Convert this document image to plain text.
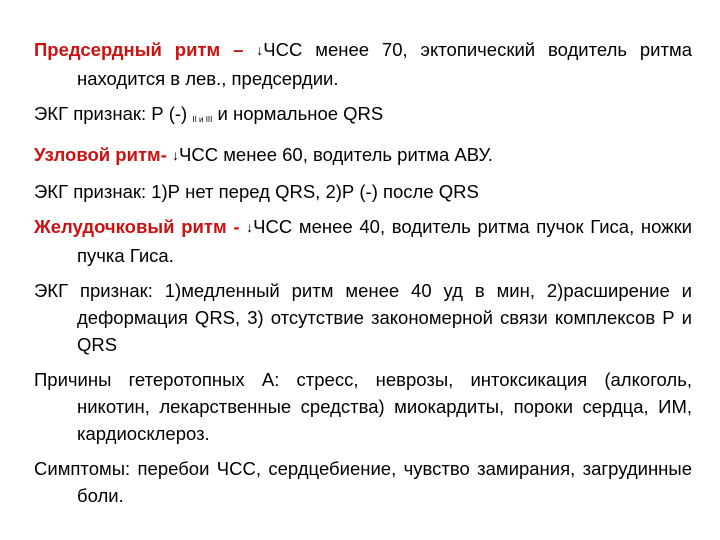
Предсердный ритм – ↓ЧСС менее 70, эктопический водитель ритма находится в лев., предсердии.

ЭКГ признак: Р (-) $_{II и III}$ и нормальное QRS

Узловой ритм- ↓ЧСС менее 60, водитель ритма АВУ.

ЭКГ признак: 1)Р нет перед QRS, 2)Р (-) после QRS

Желудочковый ритм - ↓ЧСС менее 40, водитель ритма пучок Гиса, ножки пучка Гиса.

ЭКГ признак: 1)медленный ритм менее 40 уд в мин, 2)расширение и деформация QRS, 3) отсутствие закономерной связи комплексов Р и QRS

Причины гетеротопных А: стресс, неврозы, интоксикация (алкоголь, никотин, лекарственные средства) миокардиты, пороки сердца, ИМ, кардиосклероз.

Симптомы: перебои ЧСС, сердцебиение, чувство замирания, загрудинные боли.
